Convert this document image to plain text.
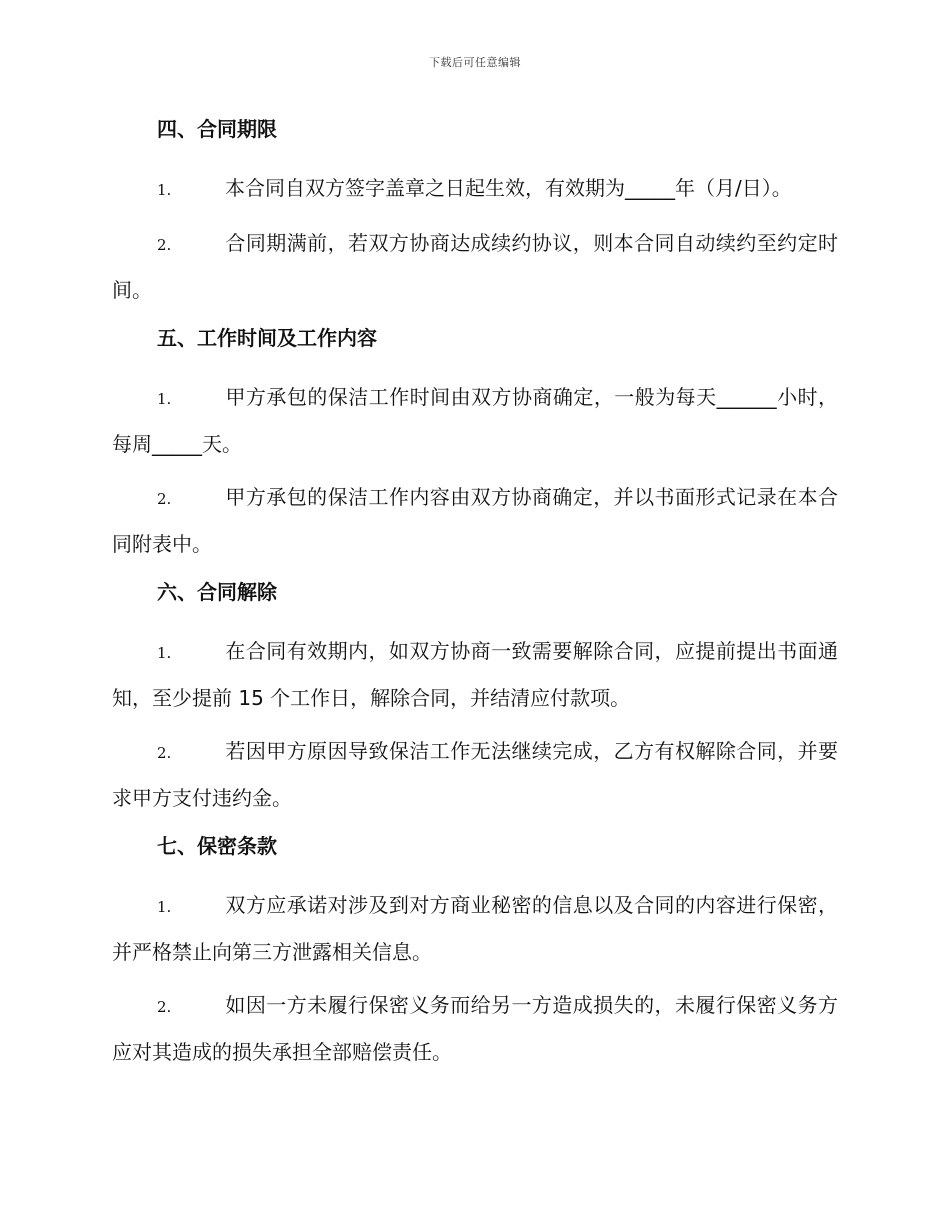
下载后可任意编辑
四、合同期限
1.	本合同自双方签字盖章之日起生效，有效期为_____年（月/日）。
2.	合同期满前，若双方协商达成续约协议，则本合同自动续约至约定时间。
五、工作时间及工作内容
1.	甲方承包的保洁工作时间由双方协商确定，一般为每天______小时，每周_____天。
2.	甲方承包的保洁工作内容由双方协商确定，并以书面形式记录在本合同附表中。
六、合同解除
1.	在合同有效期内，如双方协商一致需要解除合同，应提前提出书面通知，至少提前 15 个工作日，解除合同，并结清应付款项。
2.	若因甲方原因导致保洁工作无法继续完成，乙方有权解除合同，并要求甲方支付违约金。
七、保密条款
1.	双方应承诺对涉及到对方商业秘密的信息以及合同的内容进行保密，并严格禁止向第三方泄露相关信息。
2.	如因一方未履行保密义务而给另一方造成损失的，未履行保密义务方应对其造成的损失承担全部赔偿责任。
